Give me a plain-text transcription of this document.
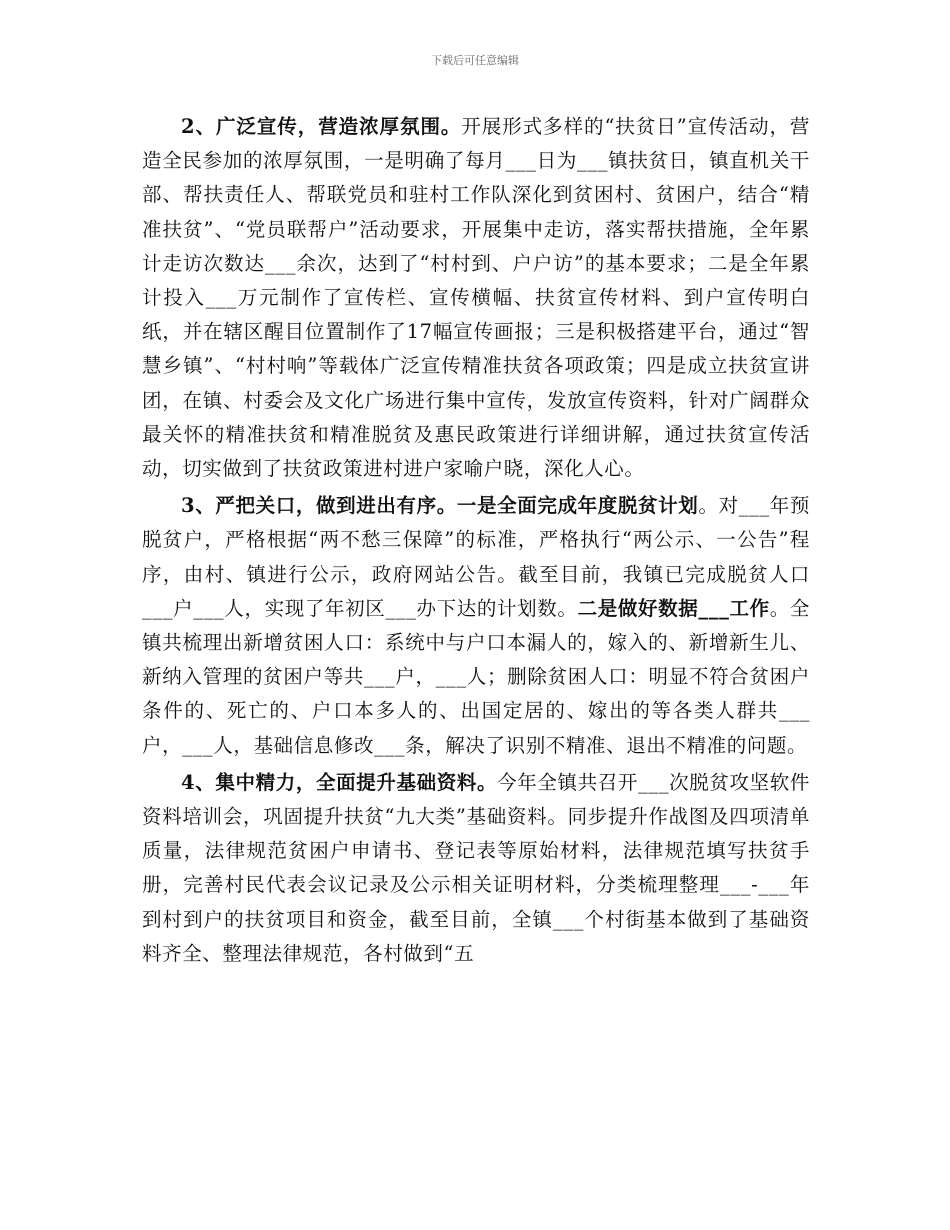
下载后可任意编辑

2、广泛宣传，营造浓厚氛围。开展形式多样的“扶贫日”宣传活动，营造全民参加的浓厚氛围，一是明确了每月___日为___镇扶贫日，镇直机关干部、帮扶责任人、帮联党员和驻村工作队深化到贫困村、贫困户，结合“精准扶贫”、“党员联帮户”活动要求，开展集中走访，落实帮扶措施，全年累计走访次数达___余次，达到了“村村到、户户访”的基本要求；二是全年累计投入___万元制作了宣传栏、宣传横幅、扶贫宣传材料、到户宣传明白纸，并在辖区醒目位置制作了17幅宣传画报；三是积极搭建平台，通过“智慧乡镇”、“村村响”等载体广泛宣传精准扶贫各项政策；四是成立扶贫宣讲团，在镇、村委会及文化广场进行集中宣传，发放宣传资料，针对广阔群众最关怀的精准扶贫和精准脱贫及惠民政策进行详细讲解，通过扶贫宣传活动，切实做到了扶贫政策进村进户家喻户晓，深化人心。

3、严把关口，做到进出有序。一是全面完成年度脱贫计划。对___年预脱贫户，严格根据“两不愁三保障”的标准，严格执行“两公示、一公告”程序，由村、镇进行公示，政府网站公告。截至目前，我镇已完成脱贫人口___户___人，实现了年初区___办下达的计划数。二是做好数据___工作。全镇共梳理出新增贫困人口：系统中与户口本漏人的，嫁入的、新增新生儿、新纳入管理的贫困户等共___户，___人；删除贫困人口：明显不符合贫困户条件的、死亡的、户口本多人的、出国定居的、嫁出的等各类人群共___户，___人，基础信息修改___条，解决了识别不精准、退出不精准的问题。

4、集中精力，全面提升基础资料。今年全镇共召开___次脱贫攻坚软件资料培训会，巩固提升扶贫“九大类”基础资料。同步提升作战图及四项清单质量，法律规范贫困户申请书、登记表等原始材料，法律规范填写扶贫手册，完善村民代表会议记录及公示相关证明材料，分类梳理整理___-___年到村到户的扶贫项目和资金，截至目前，全镇___个村街基本做到了基础资料齐全、整理法律规范，各村做到“五
